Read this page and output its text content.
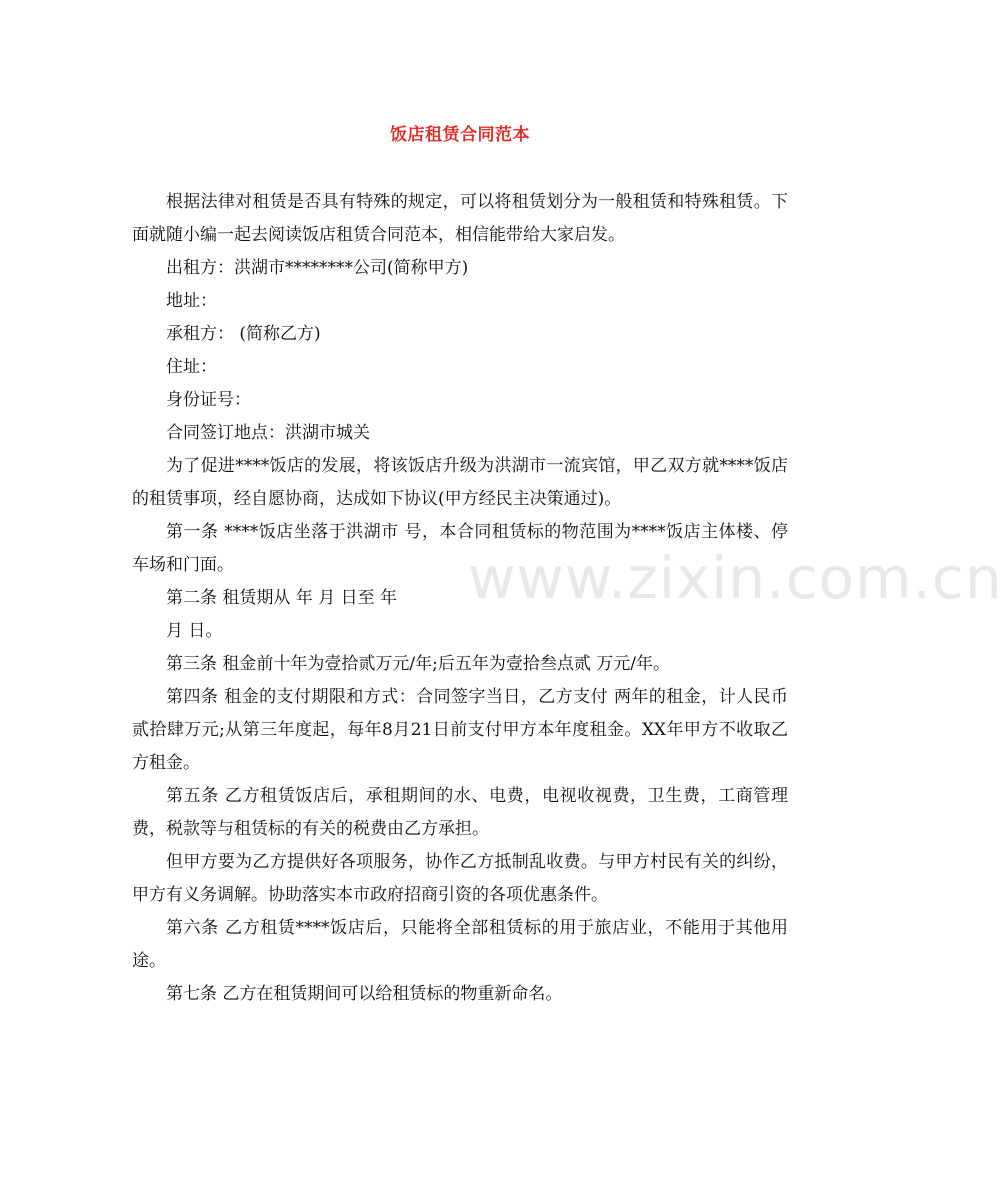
饭店租赁合同范本

根据法律对租赁是否具有特殊的规定，可以将租赁划分为一般租赁和特殊租赁。下面就随小编一起去阅读饭店租赁合同范本，相信能带给大家启发。

出租方：洪湖市********公司(简称甲方)

地址：

承租方： (简称乙方)

住址：

身份证号：

合同签订地点：洪湖市城关

为了促进****饭店的发展，将该饭店升级为洪湖市一流宾馆，甲乙双方就****饭店的租赁事项，经自愿协商，达成如下协议(甲方经民主决策通过)。

第一条 ****饭店坐落于洪湖市 号，本合同租赁标的物范围为****饭店主体楼、停车场和门面。

第二条 租赁期从 年 月 日至 年

月 日。

第三条 租金前十年为壹拾贰万元/年;后五年为壹拾叁点贰 万元/年。

第四条 租金的支付期限和方式：合同签字当日，乙方支付 两年的租金，计人民币贰拾肆万元;从第三年度起，每年8月21日前支付甲方本年度租金。XX年甲方不收取乙方租金。

第五条 乙方租赁饭店后，承租期间的水、电费，电视收视费，卫生费，工商管理费，税款等与租赁标的有关的税费由乙方承担。

但甲方要为乙方提供好各项服务，协作乙方抵制乱收费。与甲方村民有关的纠纷，甲方有义务调解。协助落实本市政府招商引资的各项优惠条件。

第六条 乙方租赁****饭店后，只能将全部租赁标的用于旅店业，不能用于其他用途。

第七条 乙方在租赁期间可以给租赁标的物重新命名。

www.zixin.com.cn
